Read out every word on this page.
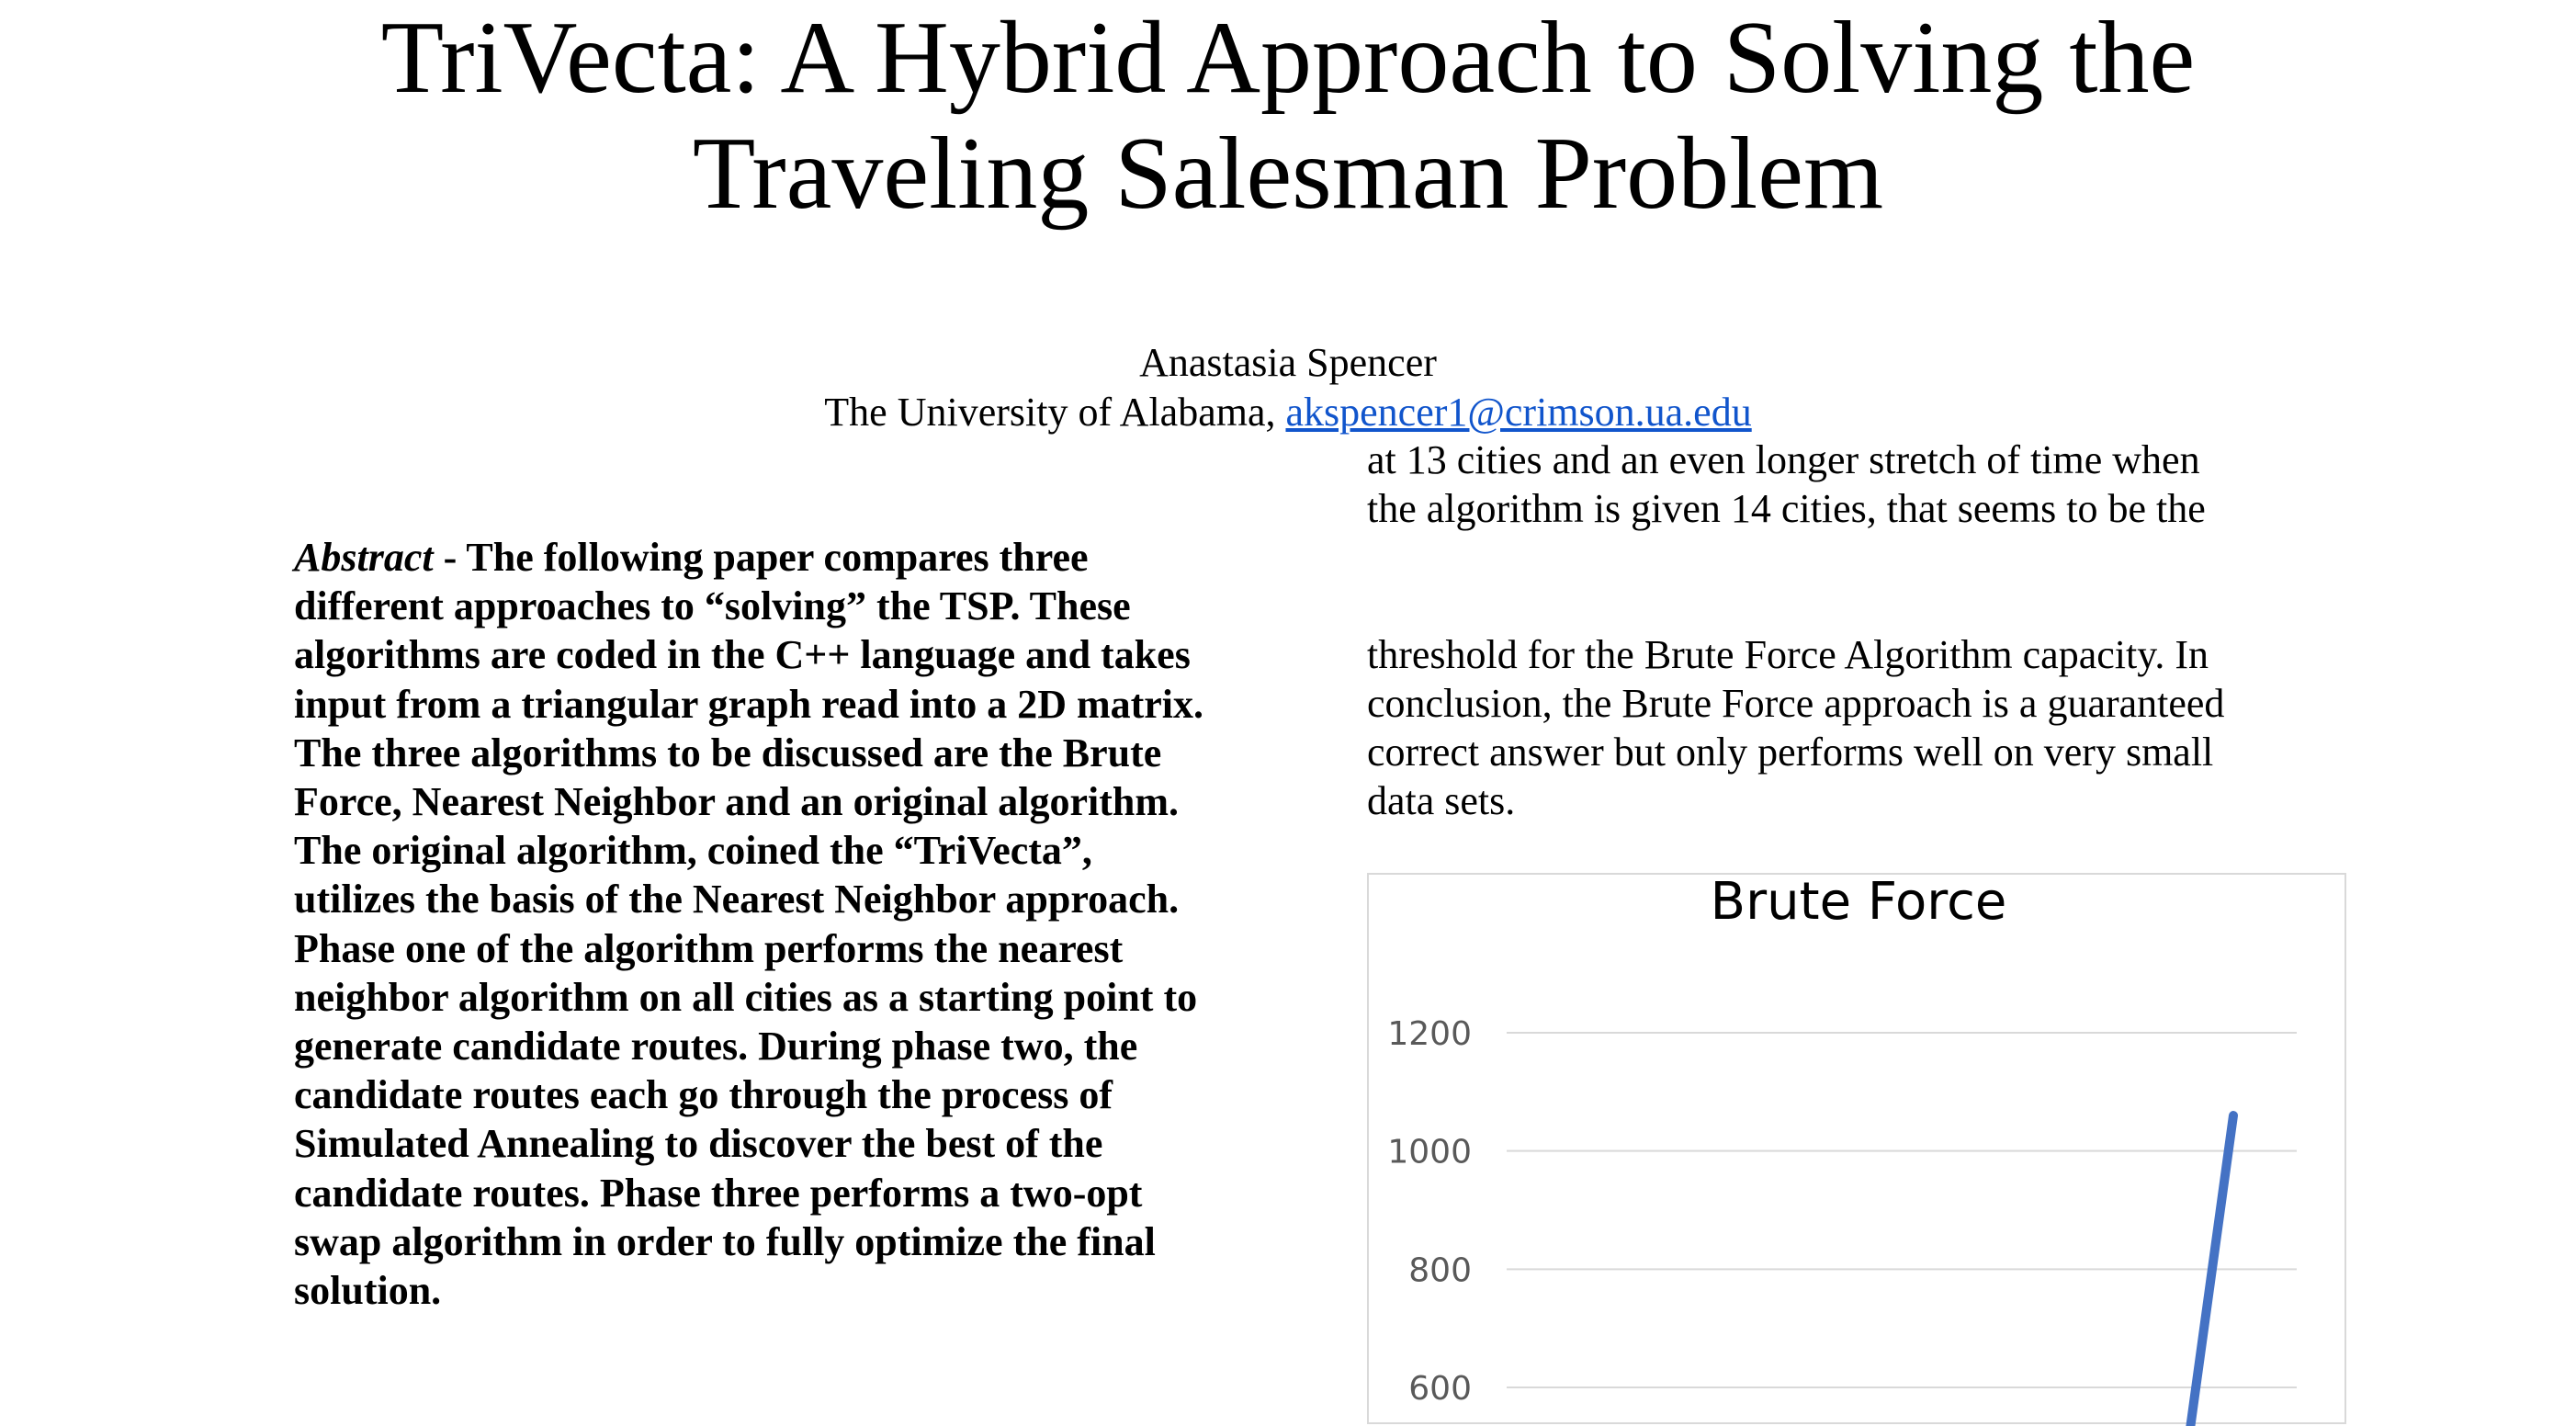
TriVecta: A Hybrid Approach to Solving the
Traveling Salesman Problem
Anastasia Spencer
The University of Alabama, akspencer1@crimson.ua.edu
Abstract - The following paper compares three different approaches to “solving” the TSP. These algorithms are coded in the C++ language and takes input from a triangular graph read into a 2D matrix. The three algorithms to be discussed are the Brute Force, Nearest Neighbor and an original algorithm. The original algorithm, coined the “TriVecta”, utilizes the basis of the Nearest Neighbor approach. Phase one of the algorithm performs the nearest neighbor algorithm on all cities as a starting point to generate candidate routes. During phase two, the candidate routes each go through the process of Simulated Annealing to discover the best of the candidate routes. Phase three performs a two-opt swap algorithm in order to fully optimize the final solution.
at 13 cities and an even longer stretch of time when
the algorithm is given 14 cities, that seems to be the
threshold for the Brute Force Algorithm capacity. In
conclusion, the Brute Force approach is a guaranteed
correct answer but only performs well on very small
data sets.
Brute Force
600
800
1000
1200
